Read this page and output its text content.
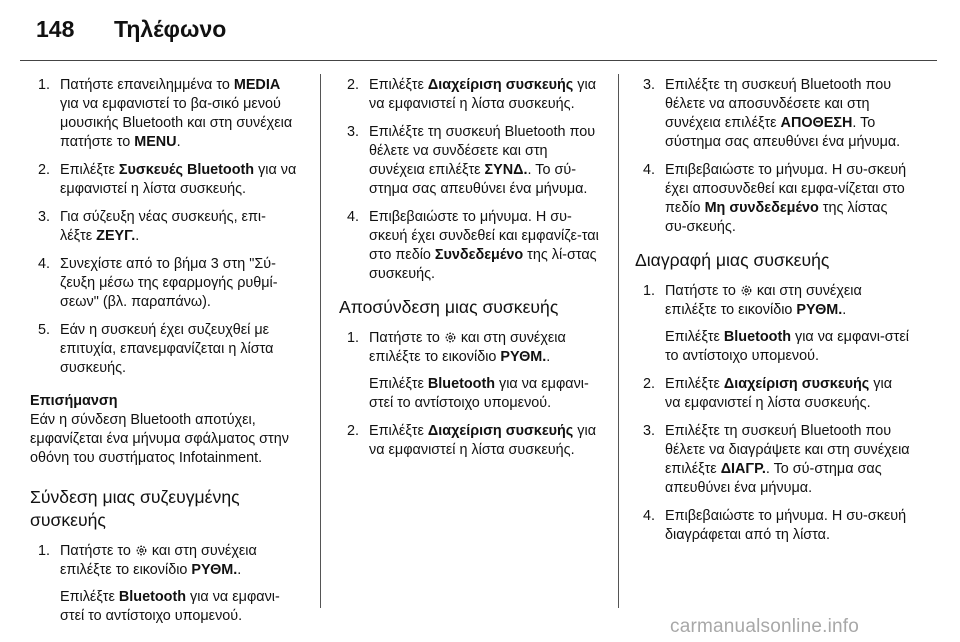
148 Τηλέφωνο
1. Πατήστε επανειλημμένα το MEDIA για να εμφανιστεί το βα-σικό μενού μουσικής Bluetooth και στη συνέχεια πατήστε το MENU.

2. Επιλέξτε Συσκευές Bluetooth για να εμφανιστεί η λίστα συσκευής.

3. Για σύζευξη νέας συσκευής, επι-λέξτε ΖΕΥΓ..

4. Συνεχίστε από το βήμα 3 στη "Σύ-ζευξη μέσω της εφαρμογής ρυθμί-σεων" (βλ. παραπάνω).

5. Εάν η συσκευή έχει συζευχθεί με επιτυχία, επανεμφανίζεται η λίστα συσκευής.

Επισήμανση
Εάν η σύνδεση Bluetooth αποτύχει, εμφανίζεται ένα μήνυμα σφάλματος στην οθόνη του συστήματος Infotainment.
Σύνδεση μιας συζευγμένης συσκευής
1. Πατήστε το  και στη συνέχεια επιλέξτε το εικονίδιο ΡΥΘΜ..

Επιλέξτε Bluetooth για να εμφανι-στεί το αντίστοιχο υπομενού.

2. Επιλέξτε Διαχείριση συσκευής για να εμφανιστεί η λίστα συσκευής.

3. Επιλέξτε τη συσκευή Bluetooth που θέλετε να συνδέσετε και στη συνέχεια επιλέξτε ΣΥΝΔ.. Το σύ-στημα σας απευθύνει ένα μήνυμα.

4. Επιβεβαιώστε το μήνυμα. Η συ-σκευή έχει συνδεθεί και εμφανίζε-ται στο πεδίο Συνδεδεμένο της λί-στας συσκευής.

Αποσύνδεση μιας συσκευής
1. Πατήστε το  και στη συνέχεια επιλέξτε το εικονίδιο ΡΥΘΜ..

Επιλέξτε Bluetooth για να εμφανι-στεί το αντίστοιχο υπομενού.

2. Επιλέξτε Διαχείριση συσκευής για να εμφανιστεί η λίστα συσκευής.

3. Επιλέξτε τη συσκευή Bluetooth που θέλετε να αποσυνδέσετε και στη συνέχεια επιλέξτε ΑΠΟΘΕΣΗ. Το σύστημα σας απευθύνει ένα μήνυμα.

4. Επιβεβαιώστε το μήνυμα. Η συ-σκευή έχει αποσυνδεθεί και εμφα-νίζεται στο πεδίο Μη συνδεδεμένο της λίστας συ-σκευής.

Διαγραφή μιας συσκευής
1. Πατήστε το  και στη συνέχεια επιλέξτε το εικονίδιο ΡΥΘΜ..

Επιλέξτε Bluetooth για να εμφανι-στεί το αντίστοιχο υπομενού.

2. Επιλέξτε Διαχείριση συσκευής για να εμφανιστεί η λίστα συσκευής.

3. Επιλέξτε τη συσκευή Bluetooth που θέλετε να διαγράψετε και στη συνέχεια επιλέξτε ΔΙΑΓΡ.. Το σύ-στημα σας απευθύνει ένα μήνυμα.

4. Επιβεβαιώστε το μήνυμα. Η συ-σκευή διαγράφεται από τη λίστα.

carmanualsonline.info
